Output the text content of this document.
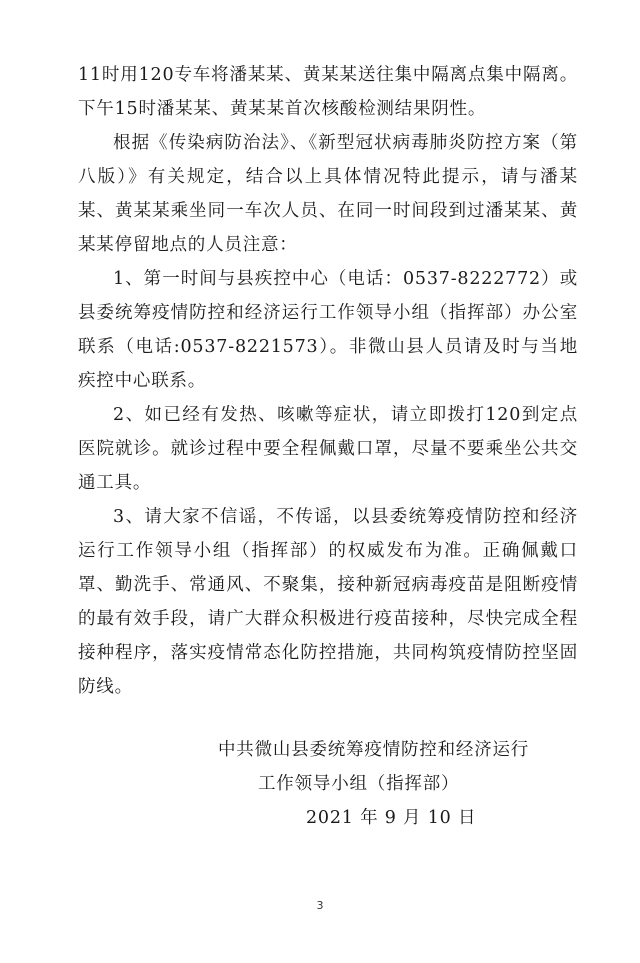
11时用120专车将潘某某、黄某某送往集中隔离点集中隔离。下午15时潘某某、黄某某首次核酸检测结果阴性。

根据《传染病防治法》、《新型冠状病毒肺炎防控方案（第八版）》有关规定，结合以上具体情况特此提示，请与潘某某、黄某某乘坐同一车次人员、在同一时间段到过潘某某、黄某某停留地点的人员注意：

1、第一时间与县疾控中心（电话：0537-8222772）或县委统筹疫情防控和经济运行工作领导小组（指挥部）办公室联系（电话:0537-8221573）。非微山县人员请及时与当地疾控中心联系。

2、如已经有发热、咳嗽等症状，请立即拨打120到定点医院就诊。就诊过程中要全程佩戴口罩，尽量不要乘坐公共交通工具。

3、请大家不信谣，不传谣，以县委统筹疫情防控和经济运行工作领导小组（指挥部）的权威发布为准。正确佩戴口罩、勤洗手、常通风、不聚集，接种新冠病毒疫苗是阻断疫情的最有效手段，请广大群众积极进行疫苗接种，尽快完成全程接种程序，落实疫情常态化防控措施，共同构筑疫情防控坚固防线。

中共微山县委统筹疫情防控和经济运行
工作领导小组（指挥部）
2021 年 9 月 10 日
3
